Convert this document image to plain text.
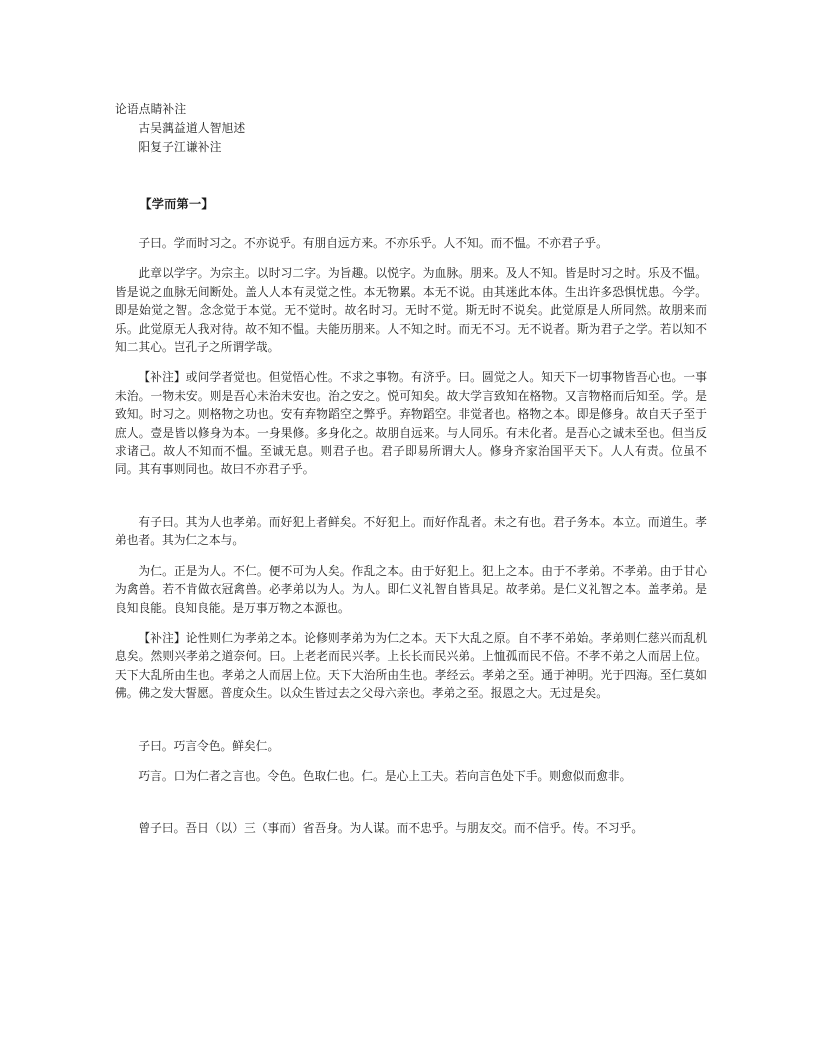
论语点睛补注
古吴蕅益道人智旭述
阳复子江谦补注
【学而第一】

子曰。学而时习之。不亦说乎。有朋自远方来。不亦乐乎。人不知。而不愠。不亦君子乎。

此章以学字。为宗主。以时习二字。为旨趣。以悦字。为血脉。朋来。及人不知。皆是时习之时。乐及不愠。皆是说之血脉无间断处。盖人人本有灵觉之性。本无物累。本无不说。由其迷此本体。生出许多恐惧忧患。今学。即是始觉之智。念念觉于本觉。无不觉时。故名时习。无时不觉。斯无时不说矣。此觉原是人所同然。故朋来而乐。此觉原无人我对待。故不知不愠。夫能历朋来。人不知之时。而无不习。无不说者。斯为君子之学。若以知不知二其心。岂孔子之所谓学哉。

【补注】或问学者觉也。但觉悟心性。不求之事物。有济乎。曰。圆觉之人。知天下一切事物皆吾心也。一事未治。一物未安。则是吾心未治未安也。治之安之。悦可知矣。故大学言致知在格物。又言物格而后知至。学。是致知。时习之。则格物之功也。安有弃物蹈空之弊乎。弃物蹈空。非觉者也。格物之本。即是修身。故自天子至于庶人。壹是皆以修身为本。一身果修。多身化之。故朋自远来。与人同乐。有未化者。是吾心之诚未至也。但当反求诸己。故人不知而不愠。至诚无息。则君子也。君子即易所谓大人。修身齐家治国平天下。人人有责。位虽不同。其有事则同也。故曰不亦君子乎。

有子曰。其为人也孝弟。而好犯上者鲜矣。不好犯上。而好作乱者。未之有也。君子务本。本立。而道生。孝弟也者。其为仁之本与。

为仁。正是为人。不仁。便不可为人矣。作乱之本。由于好犯上。犯上之本。由于不孝弟。不孝弟。由于甘心为禽兽。若不肯做衣冠禽兽。必孝弟以为人。为人。即仁义礼智自皆具足。故孝弟。是仁义礼智之本。盖孝弟。是良知良能。良知良能。是万事万物之本源也。

【补注】论性则仁为孝弟之本。论修则孝弟为为仁之本。天下大乱之原。自不孝不弟始。孝弟则仁慈兴而乱机息矣。然则兴孝弟之道奈何。曰。上老老而民兴孝。上长长而民兴弟。上恤孤而民不倍。不孝不弟之人而居上位。天下大乱所由生也。孝弟之人而居上位。天下大治所由生也。孝经云。孝弟之至。通于神明。光于四海。至仁莫如佛。佛之发大誓愿。普度众生。以众生皆过去之父母六亲也。孝弟之至。报恩之大。无过是矣。

子曰。巧言令色。鲜矣仁。

巧言。口为仁者之言也。令色。色取仁也。仁。是心上工夫。若向言色处下手。则愈似而愈非。

曾子曰。吾日（以）三（事而）省吾身。为人谋。而不忠乎。与朋友交。而不信乎。传。不习乎。
